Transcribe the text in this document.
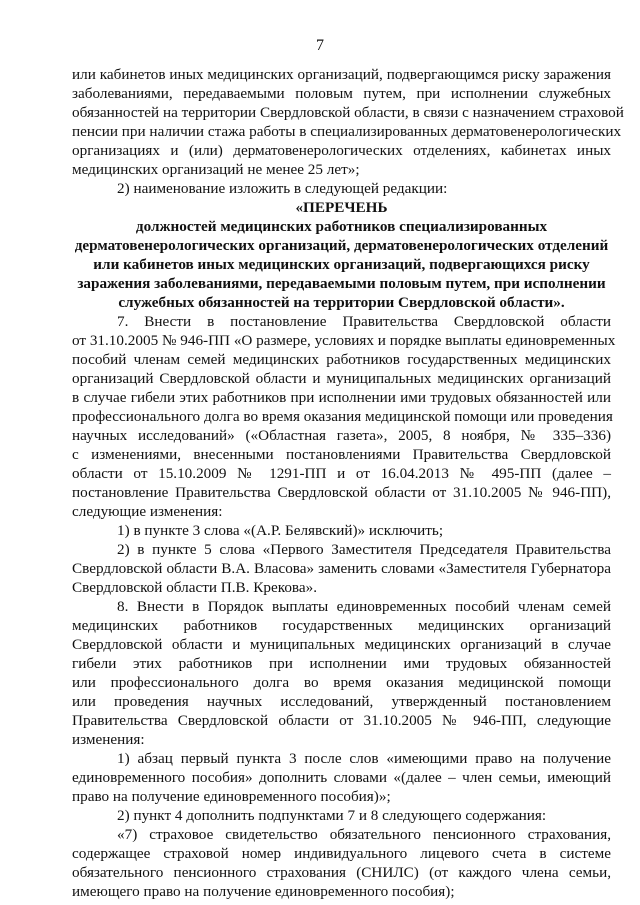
7
или кабинетов иных медицинских организаций, подвергающимся риску заражения
заболеваниями, передаваемыми половым путем, при исполнении служебных
обязанностей на территории Свердловской области, в связи с назначением страховой
пенсии при наличии стажа работы в специализированных дерматовенерологических
организациях и (или) дерматовенерологических отделениях, кабинетах иных
медицинских организаций не менее 25 лет»;
2) наименование изложить в следующей редакции:
«ПЕРЕЧЕНЬ
должностей медицинских работников специализированных
дерматовенерологических организаций, дерматовенерологических отделений
или кабинетов иных медицинских организаций, подвергающихся риску
заражения заболеваниями, передаваемыми половым путем, при исполнении
служебных обязанностей на территории Свердловской области».
7. Внести в постановление Правительства Свердловской области
от 31.10.2005 № 946-ПП «О размере, условиях и порядке выплаты единовременных
пособий членам семей медицинских работников государственных медицинских
организаций Свердловской области и муниципальных медицинских организаций
в случае гибели этих работников при исполнении ими трудовых обязанностей или
профессионального долга во время оказания медицинской помощи или проведения
научных исследований» («Областная газета», 2005, 8 ноября, № 335–336)
с изменениями, внесенными постановлениями Правительства Свердловской
области от 15.10.2009 № 1291-ПП и от 16.04.2013 № 495-ПП (далее –
постановление Правительства Свердловской области от 31.10.2005 № 946-ПП),
следующие изменения:
1) в пункте 3 слова «(А.Р. Белявский)» исключить;
2) в пункте 5 слова «Первого Заместителя Председателя Правительства
Свердловской области В.А. Власова» заменить словами «Заместителя Губернатора
Свердловской области П.В. Крекова».
8. Внести в Порядок выплаты единовременных пособий членам семей
медицинских работников государственных медицинских организаций
Свердловской области и муниципальных медицинских организаций в случае
гибели этих работников при исполнении ими трудовых обязанностей
или профессионального долга во время оказания медицинской помощи
или проведения научных исследований, утвержденный постановлением
Правительства Свердловской области от 31.10.2005 № 946-ПП, следующие
изменения:
1) абзац первый пункта 3 после слов «имеющими право на получение
единовременного пособия» дополнить словами «(далее – член семьи, имеющий
право на получение единовременного пособия)»;
2) пункт 4 дополнить подпунктами 7 и 8 следующего содержания:
«7) страховое свидетельство обязательного пенсионного страхования,
содержащее страховой номер индивидуального лицевого счета в системе
обязательного пенсионного страхования (СНИЛС) (от каждого члена семьи,
имеющего право на получение единовременного пособия);
